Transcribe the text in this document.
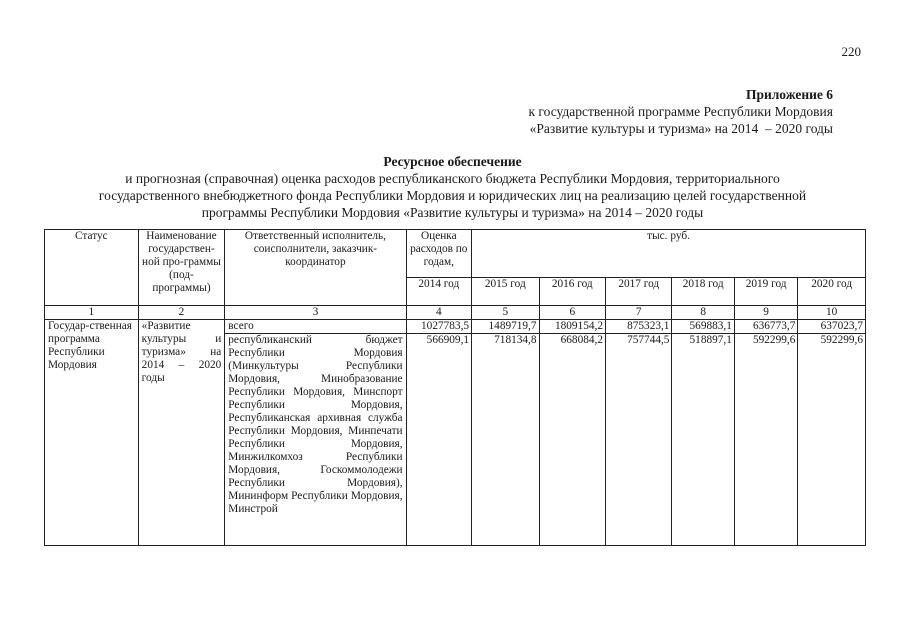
220
Приложение 6
к государственной программе Республики Мордовия
«Развитие культуры и туризма» на 2014  – 2020 годы
Ресурсное обеспечение
и прогнозная (справочная) оценка расходов республиканского бюджета Республики Мордовия, территориального
государственного внебюджетного фонда Республики Мордовия и юридических лиц на реализацию целей государственной
программы Республики Мордовия «Развитие культуры и туризма» на 2014 – 2020 годы
Статус	Наименование государствен-ной про-граммы (под-программы)	Ответственный исполнитель, соисполнители, заказчик-координатор	Оценка расходов по годам,	тыс. руб.					
			2014 год	2015 год	2016 год	2017 год	2018 год	2019 год	2020 год
1	2	3	4	5	6	7	8	9	10
Государ-ственная программа Республики Мордовия	«Развитие культуры и туризма» на 2014 – 2020 годы	всего	1027783,5	1489719,7	1809154,2	875323,1	569883,1	636773,7	637023,7
		республиканский бюджет Республики Мордовия (Минкультуры Республики Мордовия, Минобразование Республики Мордовия, Минспорт Республики Мордовия, Республиканская архивная служба Республики Мордовия, Минпечати Республики Мордовия, Минжилкомхоз Республики Мордовия, Госкоммолодежи Республики Мордовия), Мининформ Республики Мордовия, Минстрой	566909,1	718134,8	668084,2	757744,5	518897,1	592299,6	592299,6
